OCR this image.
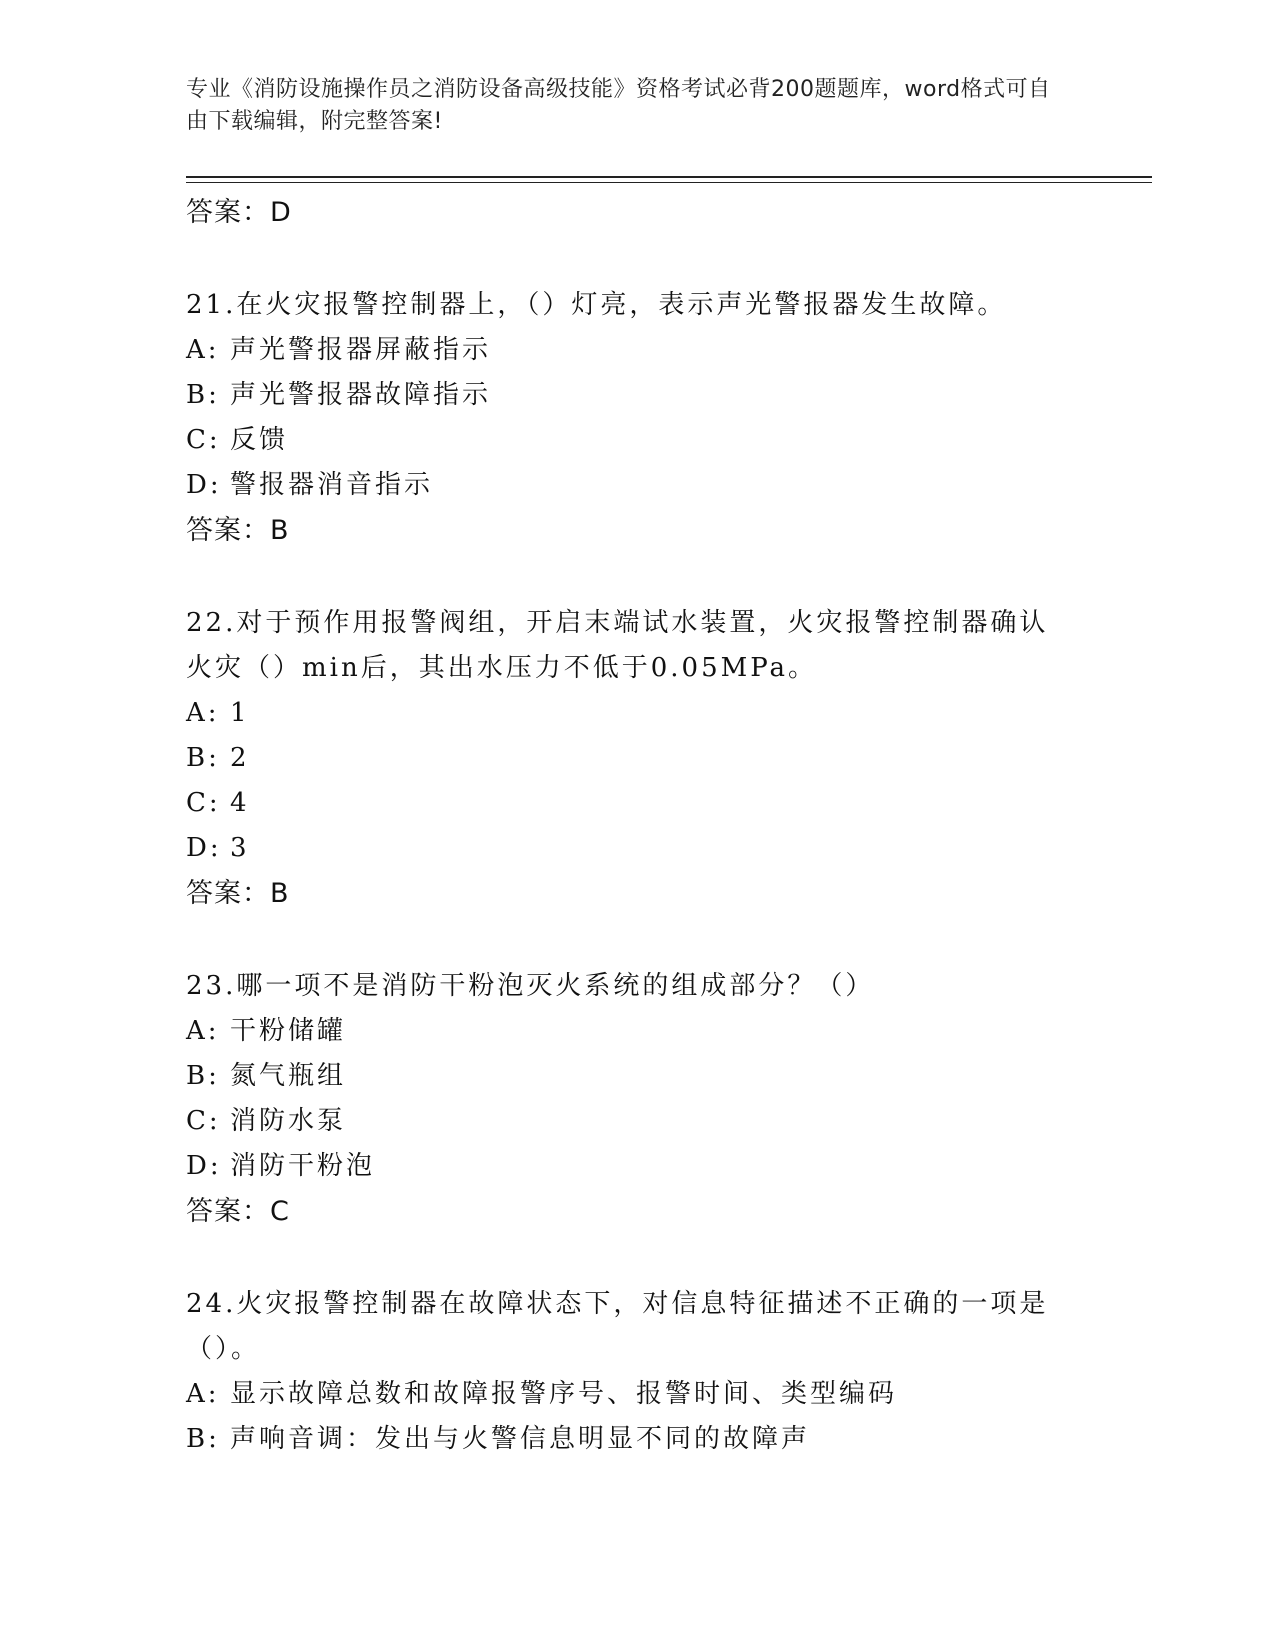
专业《消防设施操作员之消防设备高级技能》资格考试必背200题题库，word格式可自由下载编辑，附完整答案!
答案：D
21.在火灾报警控制器上，（）灯亮，表示声光警报器发生故障。
A: 声光警报器屏蔽指示
B: 声光警报器故障指示
C: 反馈
D: 警报器消音指示
答案：B
22.对于预作用报警阀组，开启末端试水装置，火灾报警控制器确认火灾（）min后，其出水压力不低于0.05MPa。
A: 1
B: 2
C: 4
D: 3
答案：B
23.哪一项不是消防干粉泡灭火系统的组成部分？（）
A: 干粉储罐
B: 氮气瓶组
C: 消防水泵
D: 消防干粉泡
答案：C
24.火灾报警控制器在故障状态下，对信息特征描述不正确的一项是（）。
A: 显示故障总数和故障报警序号、报警时间、类型编码
B: 声响音调：发出与火警信息明显不同的故障声
